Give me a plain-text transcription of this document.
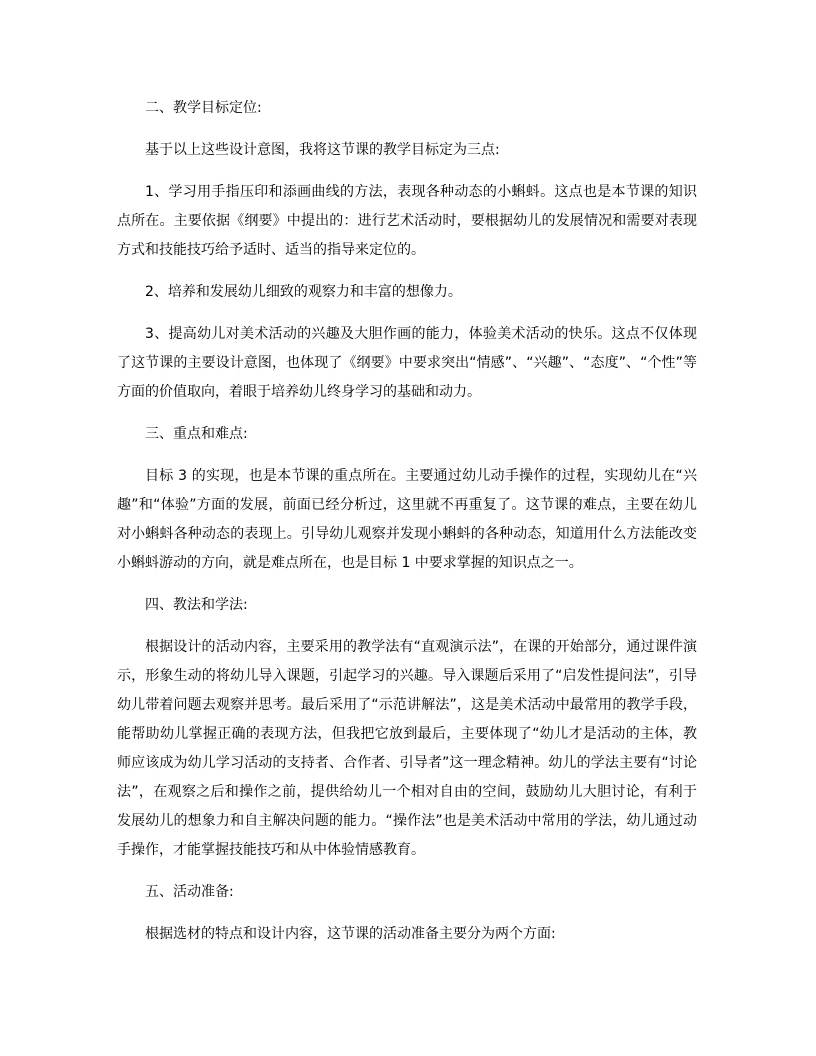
二、教学目标定位:

基于以上这些设计意图，我将这节课的教学目标定为三点:

1、学习用手指压印和添画曲线的方法，表现各种动态的小蝌蚪。这点也是本节课的知识点所在。主要依据《纲要》中提出的：进行艺术活动时，要根据幼儿的发展情况和需要对表现方式和技能技巧给予适时、适当的指导来定位的。

2、培养和发展幼儿细致的观察力和丰富的想像力。

3、提高幼儿对美术活动的兴趣及大胆作画的能力，体验美术活动的快乐。这点不仅体现了这节课的主要设计意图，也体现了《纲要》中要求突出“情感”、“兴趣”、“态度”、“个性”等方面的价值取向，着眼于培养幼儿终身学习的基础和动力。

三、重点和难点:

目标 3 的实现，也是本节课的重点所在。主要通过幼儿动手操作的过程，实现幼儿在“兴趣”和“体验”方面的发展，前面已经分析过，这里就不再重复了。这节课的难点，主要在幼儿对小蝌蚪各种动态的表现上。引导幼儿观察并发现小蝌蚪的各种动态，知道用什么方法能改变小蝌蚪游动的方向，就是难点所在，也是目标 1 中要求掌握的知识点之一。

四、教法和学法:

根据设计的活动内容，主要采用的教学法有“直观演示法”，在课的开始部分，通过课件演示，形象生动的将幼儿导入课题，引起学习的兴趣。导入课题后采用了“启发性提问法”，引导幼儿带着问题去观察并思考。最后采用了“示范讲解法”，这是美术活动中最常用的教学手段，能帮助幼儿掌握正确的表现方法，但我把它放到最后，主要体现了“幼儿才是活动的主体，教师应该成为幼儿学习活动的支持者、合作者、引导者”这一理念精神。幼儿的学法主要有“讨论法”，在观察之后和操作之前，提供给幼儿一个相对自由的空间，鼓励幼儿大胆讨论，有利于发展幼儿的想象力和自主解决问题的能力。“操作法”也是美术活动中常用的学法，幼儿通过动手操作，才能掌握技能技巧和从中体验情感教育。

五、活动准备:

根据选材的特点和设计内容，这节课的活动准备主要分为两个方面:
